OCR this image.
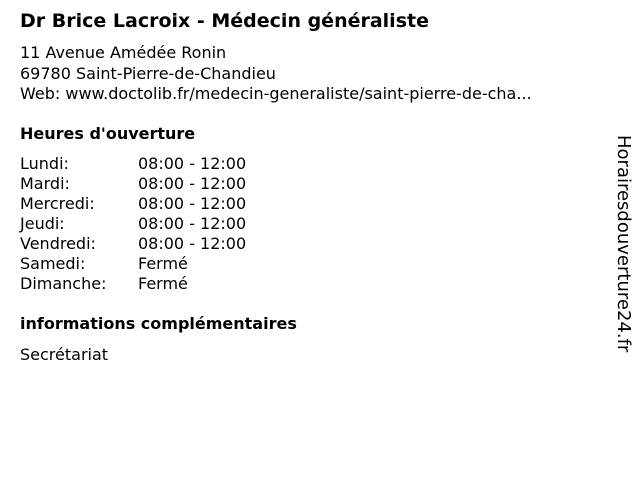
Dr Brice Lacroix - Médecin généraliste
11 Avenue Amédée Ronin
69780 Saint-Pierre-de-Chandieu
Web: www.doctolib.fr/medecin-generaliste/saint-pierre-de-cha...
Heures d'ouverture
Lundi:	08:00 - 12:00
Mardi:	08:00 - 12:00
Mercredi:	08:00 - 12:00
Jeudi:	08:00 - 12:00
Vendredi:	08:00 - 12:00
Samedi:	Fermé
Dimanche: Fermé
informations complémentaires
Secrétariat
Horairesdouverture24.fr
